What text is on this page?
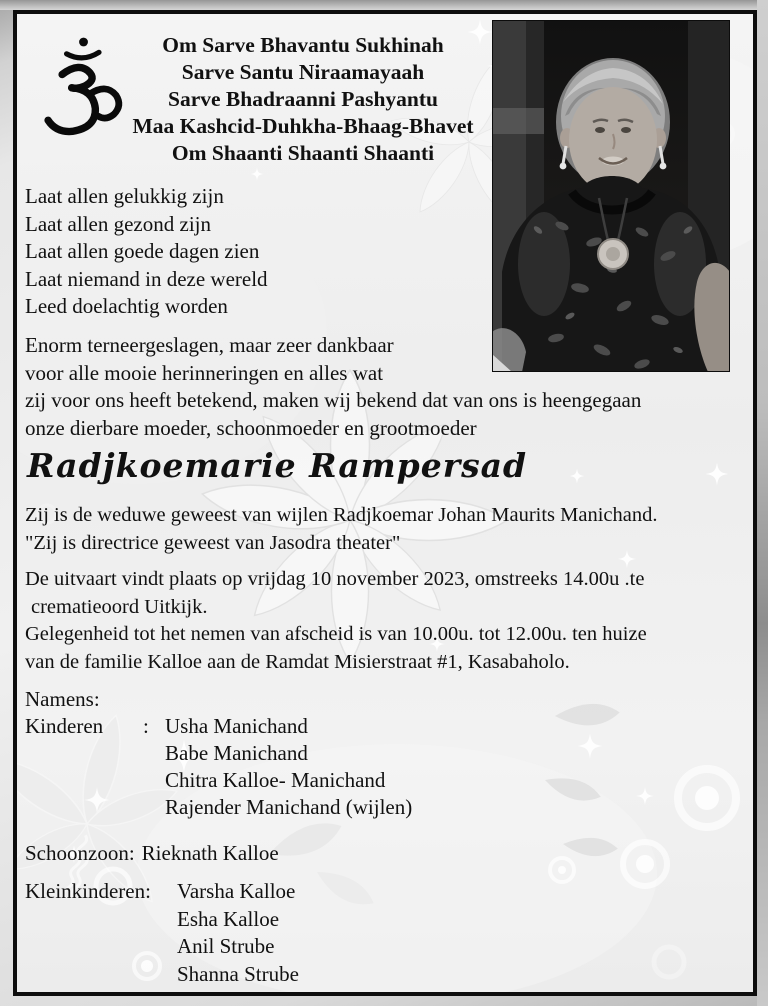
Om Sarve Bhavantu Sukhinah
Sarve Santu Niraamayaah
Sarve Bhadraanni Pashyantu
Maa Kashcid-Duhkha-Bhaag-Bhavet
Om Shaanti Shaanti Shaanti
Laat allen gelukkig zijn
Laat allen gezond zijn
Laat allen goede dagen zien
Laat niemand in deze wereld
Leed doelachtig worden
Enorm terneergeslagen, maar zeer dankbaar
voor alle mooie herinneringen en alles wat
zij voor ons heeft betekend, maken wij bekend dat van ons is heengegaan
onze dierbare moeder, schoonmoeder en grootmoeder
Radjkoemarie Rampersad
Zij is de weduwe geweest van wijlen Radjkoemar Johan Maurits Manichand.
"Zij is directrice geweest van Jasodra theater"
De uitvaart vindt plaats op vrijdag 10 november 2023, omstreeks 14.00u .te
crematieoord Uitkijk.
Gelegenheid tot het nemen van afscheid is van 10.00u. tot 12.00u. ten huize
van de familie Kalloe aan de Ramdat Misierstraat #1, Kasabaholo.
Namens:
Kinderen	: Usha Manichand
Babe Manichand
Chitra Kalloe- Manichand
Rajender Manichand (wijlen)
Schoonzoon: Rieknath Kalloe
Kleinkinderen:	Varsha Kalloe
Esha Kalloe
Anil Strube
Shanna Strube
